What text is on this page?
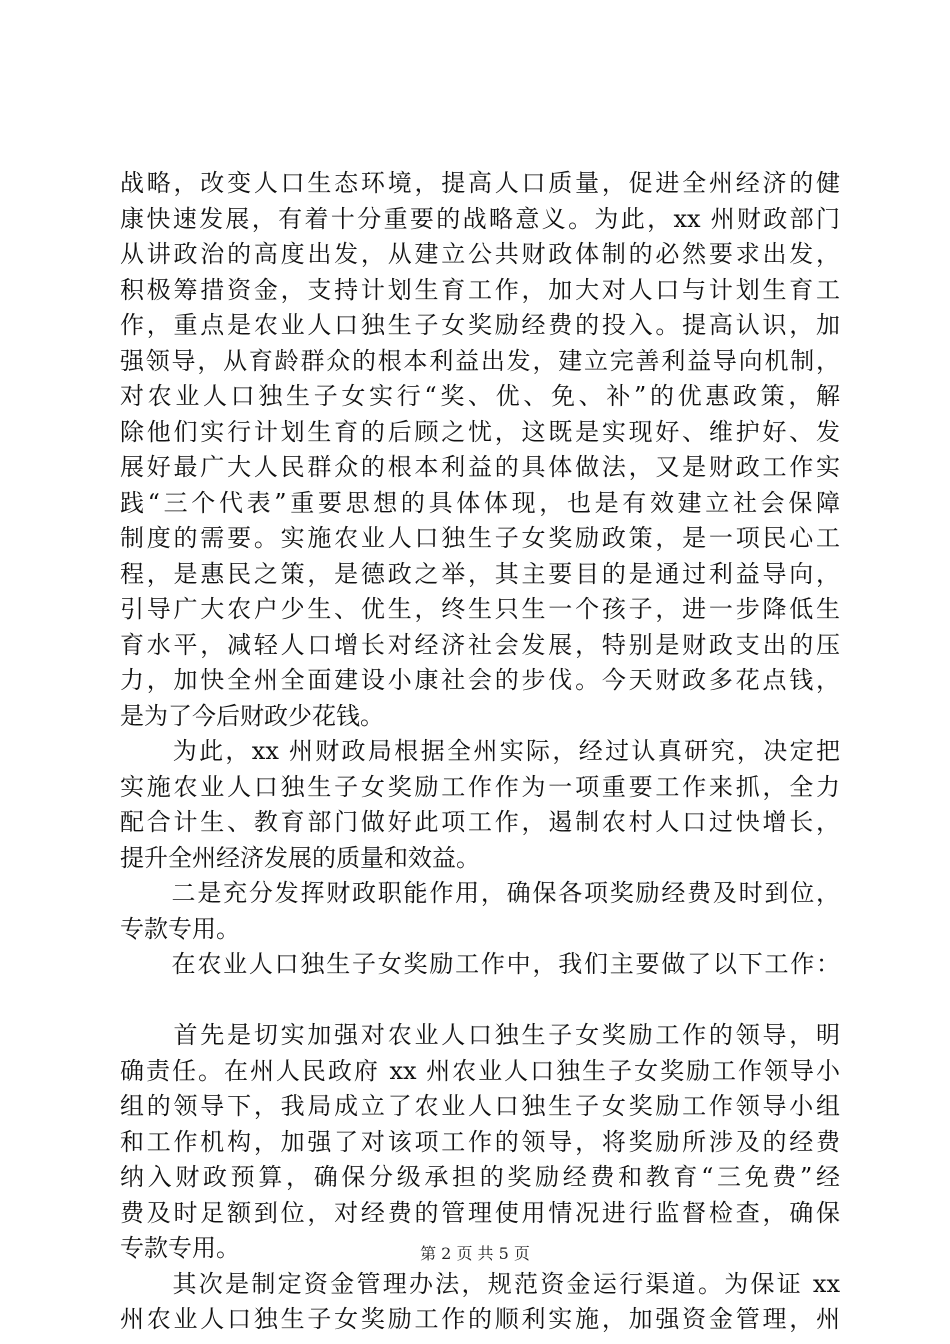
战略，改变人口生态环境，提高人口质量，促进全州经济的健
康快速发展，有着十分重要的战略意义。为此，xx 州财政部门
从讲政治的高度出发，从建立公共财政体制的必然要求出发，
积极筹措资金，支持计划生育工作，加大对人口与计划生育工
作，重点是农业人口独生子女奖励经费的投入。提高认识，加
强领导，从育龄群众的根本利益出发，建立完善利益导向机制，
对农业人口独生子女实行“奖、优、免、补”的优惠政策，解
除他们实行计划生育的后顾之忧，这既是实现好、维护好、发
展好最广大人民群众的根本利益的具体做法，又是财政工作实
践“三个代表”重要思想的具体体现，也是有效建立社会保障
制度的需要。实施农业人口独生子女奖励政策，是一项民心工
程，是惠民之策，是德政之举，其主要目的是通过利益导向，
引导广大农户少生、优生，终生只生一个孩子，进一步降低生
育水平，减轻人口增长对经济社会发展，特别是财政支出的压
力，加快全州全面建设小康社会的步伐。今天财政多花点钱，
是为了今后财政少花钱。
　　为此，xx 州财政局根据全州实际，经过认真研究，决定把
实施农业人口独生子女奖励工作作为一项重要工作来抓，全力
配合计生、教育部门做好此项工作，遏制农村人口过快增长，
提升全州经济发展的质量和效益。
　　二是充分发挥财政职能作用，确保各项奖励经费及时到位，
专款专用。
　　在农业人口独生子女奖励工作中，我们主要做了以下工作：
　　首先是切实加强对农业人口独生子女奖励工作的领导，明
确责任。在州人民政府 xx 州农业人口独生子女奖励工作领导小
组的领导下，我局成立了农业人口独生子女奖励工作领导小组
和工作机构，加强了对该项工作的领导，将奖励所涉及的经费
纳入财政预算，确保分级承担的奖励经费和教育“三免费”经
费及时足额到位，对经费的管理使用情况进行监督检查，确保
专款专用。
　　其次是制定资金管理办法，规范资金运行渠道。为保证 xx
州农业人口独生子女奖励工作的顺利实施，加强资金管理，州
第 2 页 共 5 页
